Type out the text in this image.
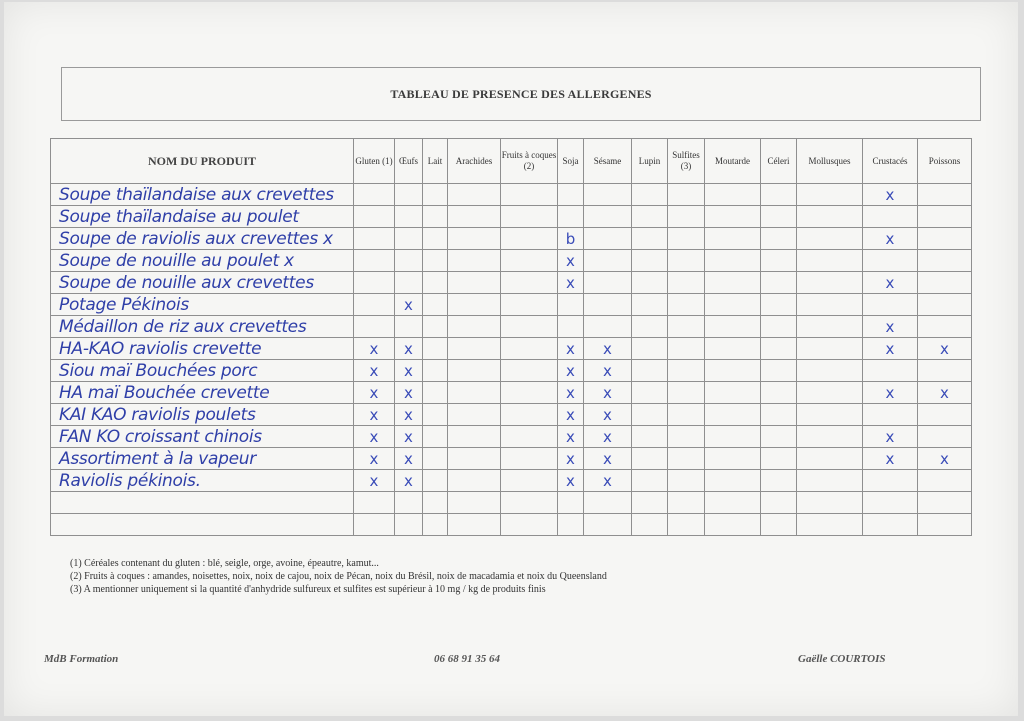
TABLEAU DE PRESENCE DES ALLERGENES
NOM DU PRODUIT	Gluten (1)	Œufs	Lait	Arachides	Fruits à coques (2)	Soja	Sésame	Lupin	Sulfites (3)	Moutarde	Céleri	Mollusques	Crustacés	Poissons
Soupe thaïlandaise aux crevettes													x	
Soupe thaïlandaise au poulet														
Soupe de raviolis aux crevettes x						b							x	
Soupe de nouille au poulet x						x								
Soupe de nouille aux crevettes						x							x	
Potage Pékinois		x												
Médaillon de riz aux crevettes													x	
HA-KAO raviolis crevette	x	x				x	x						x	x
Siou maï Bouchées porc	x	x				x	x							
HA maï Bouchée crevette	x	x				x	x						x	x
KAI KAO raviolis poulets	x	x				x	x							
FAN KO croissant chinois	x	x				x	x						x	
Assortiment à la vapeur	x	x				x	x						x	x
Raviolis pékinois.	x	x				x	x							

(1) Céréales contenant du gluten : blé, seigle, orge, avoine, épeautre, kamut...
(2) Fruits à coques : amandes, noisettes, noix, noix de cajou, noix de Pécan, noix du Brésil, noix de macadamia et noix du Queensland
(3) A mentionner uniquement si la quantité d'anhydride sulfureux et sulfites est supérieur à 10 mg / kg de produits finis
MdB Formation	06 68 91 35 64	Gaëlle COURTOIS
